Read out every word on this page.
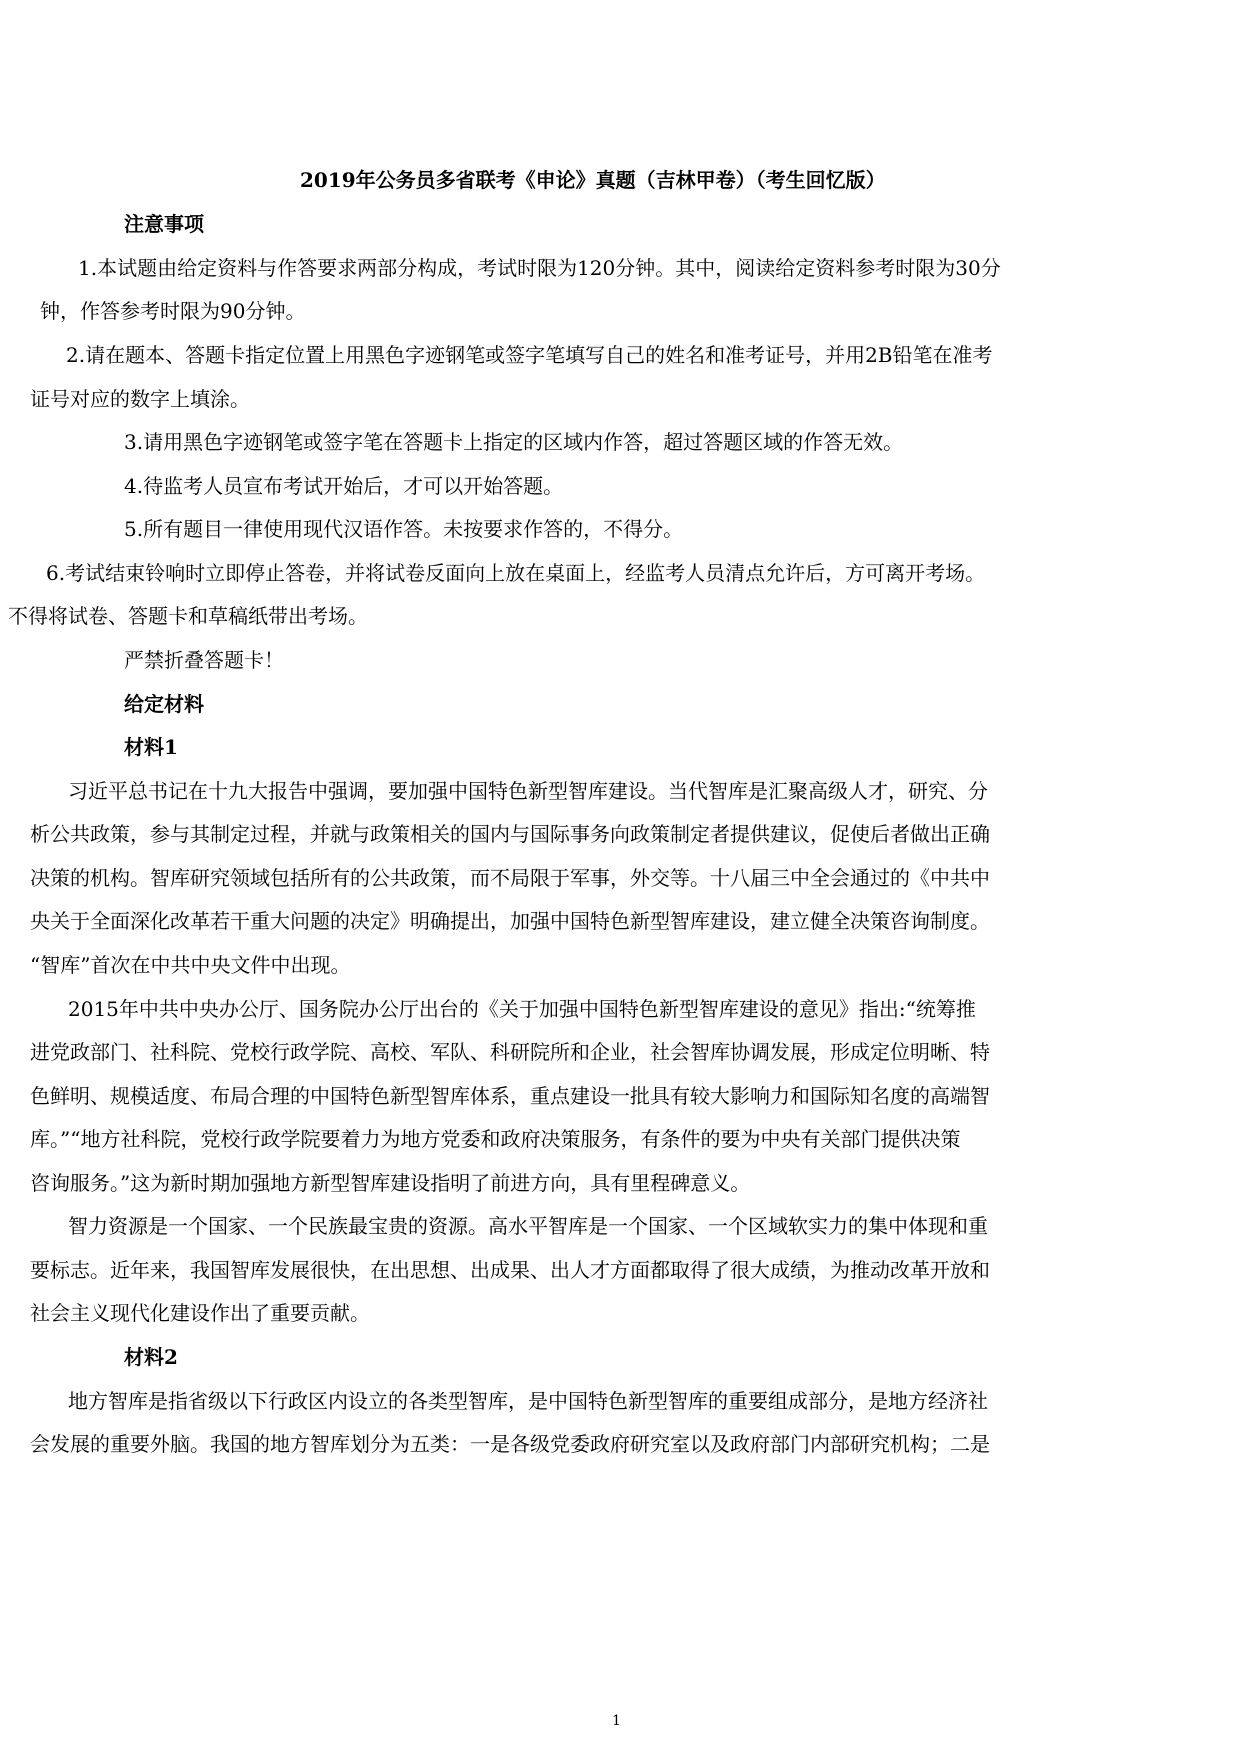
2019年公务员多省联考《申论》真题（吉林甲卷）（考生回忆版）
注意事项
1.本试题由给定资料与作答要求两部分构成，考试时限为120分钟。其中，阅读给定资料参考时限为30分
钟，作答参考时限为90分钟。
2.请在题本、答题卡指定位置上用黑色字迹钢笔或签字笔填写自己的姓名和准考证号，并用2B铅笔在准考
证号对应的数字上填涂。
3.请用黑色字迹钢笔或签字笔在答题卡上指定的区域内作答，超过答题区域的作答无效。
4.待监考人员宣布考试开始后，才可以开始答题。
5.所有题目一律使用现代汉语作答。未按要求作答的，不得分。
6.考试结束铃响时立即停止答卷，并将试卷反面向上放在桌面上，经监考人员清点允许后，方可离开考场。
不得将试卷、答题卡和草稿纸带出考场。
严禁折叠答题卡！
给定材料
材料1
习近平总书记在十九大报告中强调，要加强中国特色新型智库建设。当代智库是汇聚高级人才，研究、分
析公共政策，参与其制定过程，并就与政策相关的国内与国际事务向政策制定者提供建议，促使后者做出正确
决策的机构。智库研究领域包括所有的公共政策，而不局限于军事，外交等。十八届三中全会通过的《中共中
央关于全面深化改革若干重大问题的决定》明确提出，加强中国特色新型智库建设，建立健全决策咨询制度。
“智库”首次在中共中央文件中出现。
2015年中共中央办公厅、国务院办公厅出台的《关于加强中国特色新型智库建设的意见》指出:“统筹推
进党政部门、社科院、党校行政学院、高校、军队、科研院所和企业，社会智库协调发展，形成定位明晰、特
色鲜明、规模适度、布局合理的中国特色新型智库体系，重点建设一批具有较大影响力和国际知名度的高端智
库。”“地方社科院，党校行政学院要着力为地方党委和政府决策服务，有条件的要为中央有关部门提供决策
咨询服务。”这为新时期加强地方新型智库建设指明了前进方向，具有里程碑意义。
智力资源是一个国家、一个民族最宝贵的资源。高水平智库是一个国家、一个区域软实力的集中体现和重
要标志。近年来，我国智库发展很快，在出思想、出成果、出人才方面都取得了很大成绩，为推动改革开放和
社会主义现代化建设作出了重要贡献。
材料2
地方智库是指省级以下行政区内设立的各类型智库，是中国特色新型智库的重要组成部分，是地方经济社
会发展的重要外脑。我国的地方智库划分为五类：一是各级党委政府研究室以及政府部门内部研究机构；二是
1
